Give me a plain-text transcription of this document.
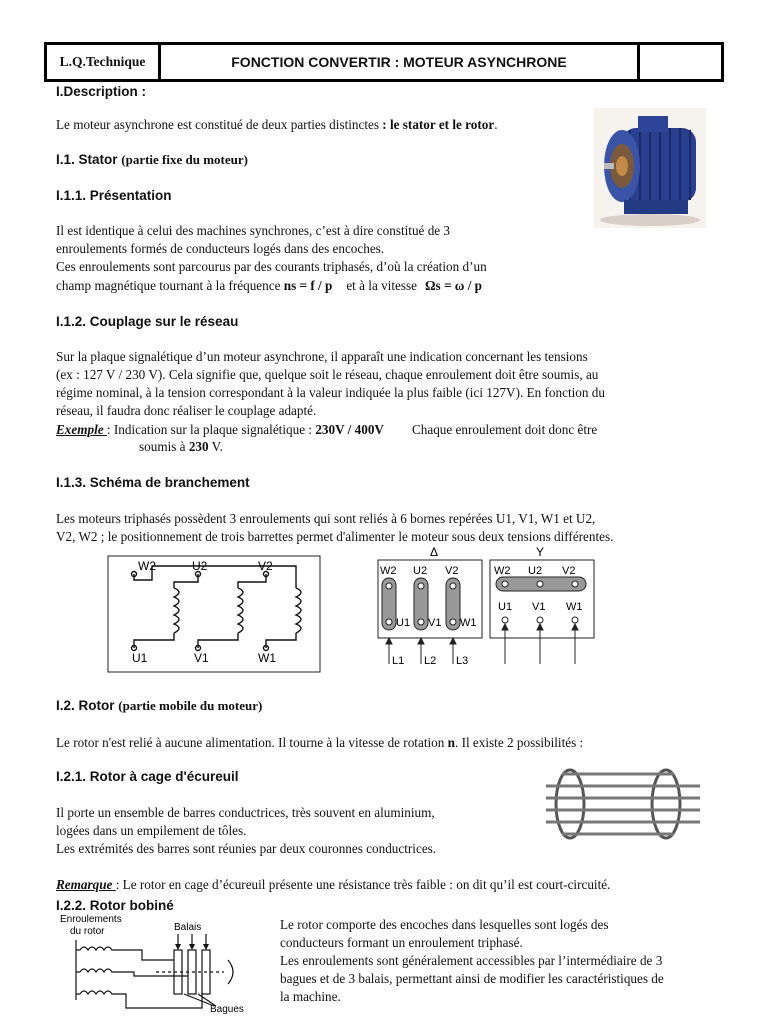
L.Q.Technique	FONCTION CONVERTIR : MOTEUR ASYNCHRONE
I.Description :
Le moteur asynchrone est constitué de deux parties distinctes : le stator et le rotor.
I.1. Stator (partie fixe du moteur)
I.1.1. Présentation
Il est identique à celui des machines synchrones, c’est à dire constitué de 3
enroulements formés de conducteurs logés dans des encoches.
Ces enroulements sont parcourus par des courants triphasés, d’où la création d’un
champ magnétique tournant à la fréquence ns = f / p et à la vitesse Ωs = ω / p
I.1.2. Couplage sur le réseau
Sur la plaque signalétique d’un moteur asynchrone, il apparaît une indication concernant les tensions
(ex : 127 V / 230 V). Cela signifie que, quelque soit le réseau, chaque enroulement doit être soumis, au
régime nominal, à la tension correspondant à la valeur indiquée la plus faible (ici 127V). En fonction du
réseau, il faudra donc réaliser le couplage adapté.
Exemple : Indication sur la plaque signalétique : 230V / 400V Chaque enroulement doit donc être
soumis à 230 V.
I.1.3. Schéma de branchement
Les moteurs triphasés possèdent 3 enroulements qui sont reliés à 6 bornes repérées U1, V1, W1 et U2,
V2, W2 ; le positionnement de trois barrettes permet d'alimenter le moteur sous deux tensions différentes.
W2	U2	V2
U1	V1	W1
Δ
W2 U2 V2
U1 V1 W1
L1 L2 L3
Y
W2 U2 V2
U1 V1 W1
I.2. Rotor (partie mobile du moteur)
Le rotor n'est relié à aucune alimentation. Il tourne à la vitesse de rotation n. Il existe 2 possibilités :
I.2.1. Rotor à cage d'écureuil
Il porte un ensemble de barres conductrices, très souvent en aluminium,
logées dans un empilement de tôles.
Les extrémités des barres sont réunies par deux couronnes conductrices.
Remarque : Le rotor en cage d’écureuil présente une résistance très faible : on dit qu’il est court-circuité.
I.2.2. Rotor bobiné
Enroulements
du rotor	Balais
Bagues
Le rotor comporte des encoches dans lesquelles sont logés des
conducteurs formant un enroulement triphasé.
Les enroulements sont généralement accessibles par l’intermédiaire de 3
bagues et de 3 balais, permettant ainsi de modifier les caractéristiques de
la machine.
